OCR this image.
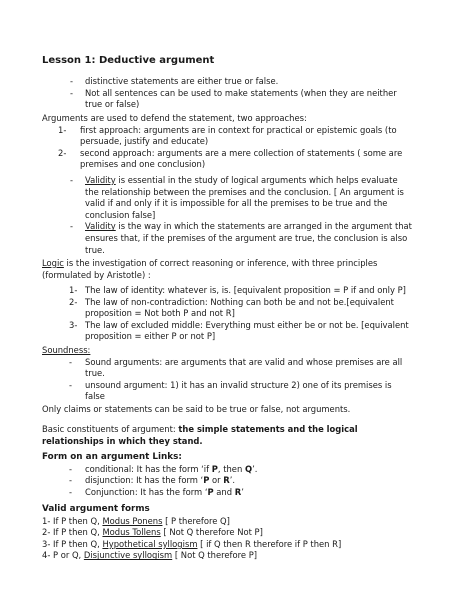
Lesson 1: Deductive argument
- distinctive statements are either true or false.
- Not all sentences can be used to make statements (when they are neither
true or false)
Arguments are used to defend the statement, two approaches:
1- first approach: arguments are in context for practical or epistemic goals (to
persuade, justify and educate)
2- second approach: arguments are a mere collection of statements ( some are
premises and one conclusion)
- Validity is essential in the study of logical arguments which helps evaluate
the relationship between the premises and the conclusion. [ An argument is
valid if and only if it is impossible for all the premises to be true and the
conclusion false]
- Validity is the way in which the statements are arranged in the argument that
ensures that, if the premises of the argument are true, the conclusion is also
true.
Logic is the investigation of correct reasoning or inference, with three principles
(formulated by Aristotle) :
1- The law of identity: whatever is, is. [equivalent proposition = P if and only P]
2- The law of non-contradiction: Nothing can both be and not be.[equivalent
proposition = Not both P and not R]
3- The law of excluded middle: Everything must either be or not be. [equivalent
proposition = either P or not P]
Soundness:
- Sound arguments: are arguments that are valid and whose premises are all
true.
- unsound argument: 1) it has an invalid structure 2) one of its premises is
false
Only claims or statements can be said to be true or false, not arguments.
Basic constituents of argument: the simple statements and the logical
relationships in which they stand.
Form on an argument Links:
- conditional: It has the form ‘if P, then Q’.
- disjunction: It has the form ‘P or R’.
- Conjunction: It has the form ‘P and R’
Valid argument forms
1- If P then Q, Modus Ponens [ P therefore Q]
2- If P then Q, Modus Tollens [ Not Q therefore Not P]
3- If P then Q, Hypothetical syllogism [ if Q then R therefore if P then R]
4- P or Q, Disjunctive syllogism [ Not Q therefore P]
